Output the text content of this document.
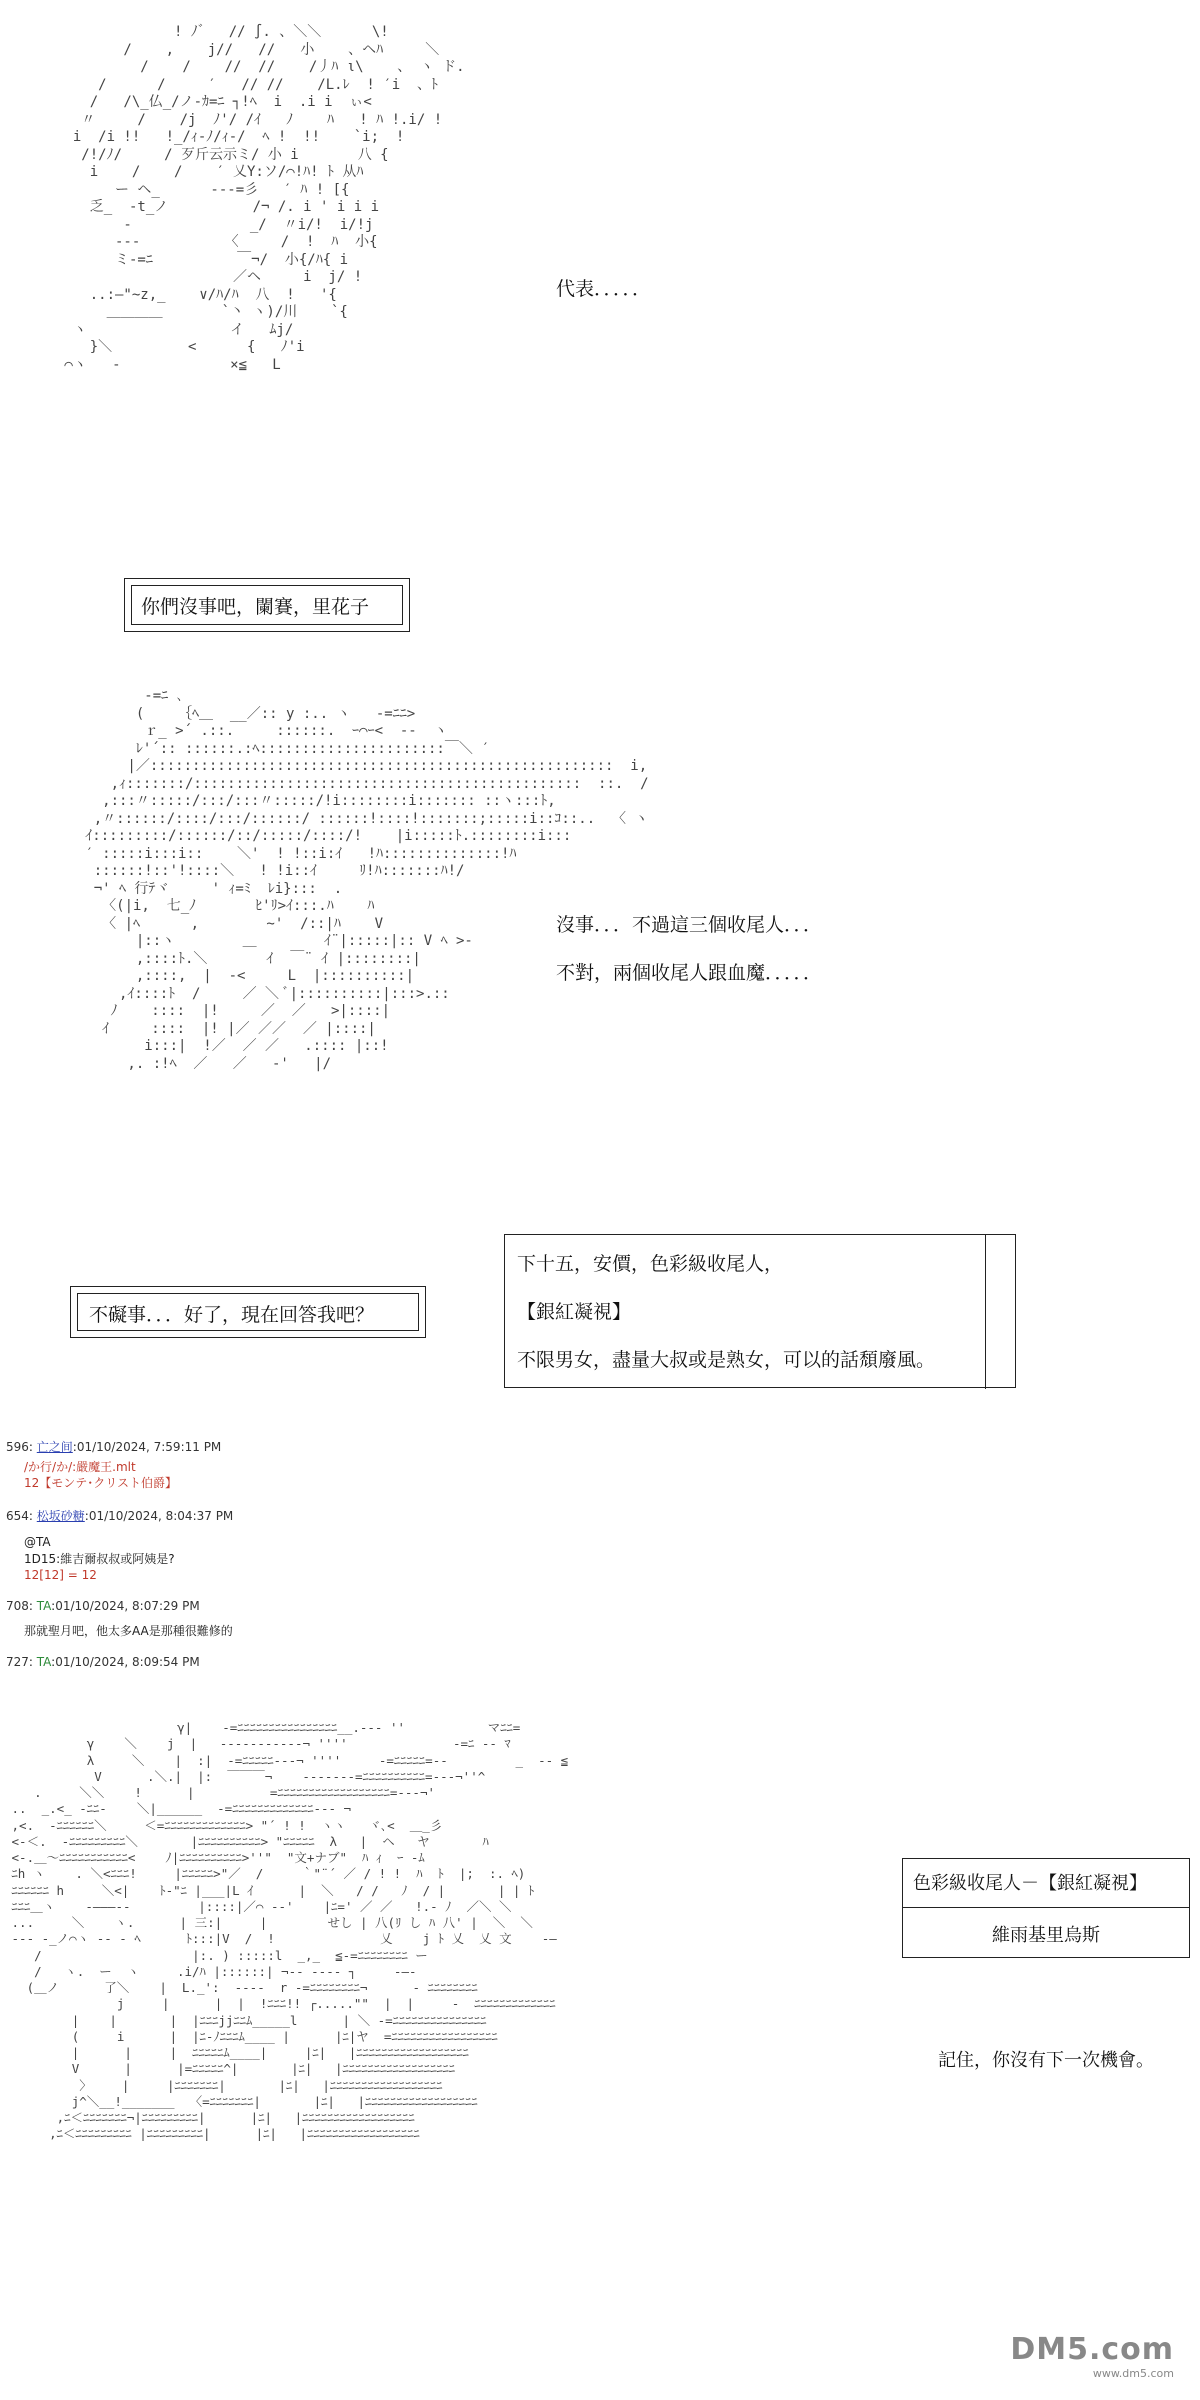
! ﾉ゛  // ∫. 、＼＼      \!
/    ,    j//   //   小    、ヘﾊ     ＼
/    /    //  //    /丿ﾊ ι\    、 ヽ ド.
/      /     ′   // //    /L.ﾚ  ! ′i  、ﾄ
/   /\_仏_/ノ-ｶ=ﾆ ┐!ﾍ  i  .i i  ぃ<
〃     /    /j  ﾉ'/ /ｲ   ﾉ    ﾊ   ! ﾊ !.i/ !
i  /i !!   !_/ｨ-ﾉ/ｨ-/  ﾍ !  !!    `i;  !
/!/ﾉ/     / 歹斤云示ミ/ 小 i       八 {
i    /    /    ′ 乂Y:ソ/⌒!ﾊ! ﾄ 从ﾊ
ー ヘ_      ‐‐‐=彡   ′ ﾊ ! [{
乏_  -t_ノ          /¬ /. i ' i i i
-              _/  〃i/!  i/!j
‐‐‐          〈     /  !  ﾊ  小{
ミ-=ﾆ          ￣¬/  小{/ﾊ{ i
／ヘ     i  j/ !
..:―"~z,_    ∨/ﾊ/ﾊ  八  !   '{
＿＿＿＿       `丶 ヽ)/川    `{
ヽ                 イ   ﾑj/
}＼         <      {   ﾉ'i
⌒ヽ   ‐             ×≦   L
代表．．．．．
你們沒事吧，闌賽，里花子
‐=ﾆ ､
(    ｛ﾍ＿  __／:: y :.. ヽ   ‐=ﾆﾆ>
ｒ_ >´ .::.     ::::::.  ｰ⌒ｰ<  ‐‐  ヽ
ﾚ'´:: ::::::.:ﾍ::::::::::::::::::::::￣＼ ′
|／:::::::::::::::::::::::::::::::::::::::::::::::::::::::  i,
,ｨ:::::::/::::::::::::::::::::::::::::::::::::::::::::::  ::.  /
,:::〃:::::/:::/:::〃:::::/!i::::::::i::::::: ::ヽ:::ﾄ,
,〃::::::/::::/:::/::::::/ ::::::!::::!:::::::;:::::i::ｺ::..  〈 ヽ
ｲ:::::::::/::::::/::/:::::/::::/!    |i:::::ﾄ.::::::::i:::
′ :::::i:::i::    ＼'  ! !::i:ｲ   !ﾊ::::::::::::::!ﾊ
::::::!::'!::::＼   ! !i::ｲ     ﾘ!ﾊ:::::::ﾊ!/
¬' ﾍ 行ﾃヾ     ' ｨ=ﾐ  ﾚi}:::  .
〈(|i,  七_ﾉ       ﾋ'ﾘ>ｲ:::.ﾊ    ﾊ
〈 |ﾍ      ,        ~'  /::|ﾊ    V
|::ヽ        ＿        ｲ¨|:::::|:: V ﾍ >-
,::::ﾄ.＼       ｲ  ￣¨ ｲ |::::::::|
,::::,  |  -<     L  |::::::::::|
,ｲ::::ﾄ  /     ／ ＼ ﾞ|::::::::::|:::>.::
ﾉ    ::::  |!     ／  ／   >|::::|
ｲ     ::::  |! |／ ／／  ／ |::::|
i:::|  !／  ／ ／   .:::: |::!
,. :!ﾍ  ／   ／   -'   |/
沒事．．．不過這三個收尾人．．．
不對，兩個收尾人跟血魔．．．．．
不礙事．．．好了，現在回答我吧？
下十五，安價，色彩級收尾人，
【銀紅凝視】
不限男女，盡量大叔或是熟女，可以的話頹廢風。
596: 亡之间:01/10/2024, 7:59:11 PM
/か行/か/:嚴魔王.mlt
12【モンテ･クリスト伯爵】
654: 松坂砂糖:01/10/2024, 8:04:37 PM
@TA
1D15:維吉爾叔叔或阿姨是?
12[12] = 12
708: TA:01/10/2024, 8:07:29 PM
那就聖月吧，他太多AA是那種很難修的
727: TA:01/10/2024, 8:09:54 PM
γ|    -=ﾆﾆﾆﾆﾆﾆﾆﾆﾆﾆﾆﾆﾆﾆﾆﾆ__.--‐ ''           マﾆﾆ=
γ    ＼    j  |   ‐---------‐¬ ''''              ‐=ﾆ ‐‐ ﾏ
λ     ＼    |  :|  -=ﾆﾆﾆﾆﾆ--‐¬ ''''     -=ﾆﾆﾆﾆﾆ=-‐         _  -‐ ≦
V      .＼.|  |:  ￣￣￣¬    ‐‐‐‐---=ﾆﾆﾆﾆﾆﾆﾆﾆﾆﾆ=--‐¬''^
.     ＼＼    !      |          =ﾆﾆﾆﾆﾆﾆﾆﾆﾆﾆﾆﾆﾆﾆﾆﾆﾆﾆ=--‐¬'
..  _.<_ -ﾆﾆ-    ＼|______  ‐=ﾆﾆﾆﾆﾆﾆﾆﾆﾆﾆﾆﾆﾆ--‐ ¬
,<.  -ﾆﾆﾆﾆﾆﾆ＼     ＜=ﾆﾆﾆﾆﾆﾆﾆﾆﾆﾆﾆﾆﾆ> "´ ! !  ヽヽ   ヾ､<  ＿_彡
<-＜.  -ﾆﾆﾆﾆﾆﾆﾆﾆﾆ＼       |ﾆﾆﾆﾆﾆﾆﾆﾆﾆﾆ> "ﾆﾆﾆﾆﾆ  λ   |  ヘ   ヤ       ﾊ
<-.＿～ﾆﾆﾆﾆﾆﾆﾆﾆﾆﾆﾆ<    ﾉ|ﾆﾆﾆﾆﾆﾆﾆﾆﾆﾆ>''"  "文+ナブ"  ﾊ ｨ  ｰ ‐ﾑ
ﾆh ヽ    . ＼<ﾆﾆﾆ!     |ﾆﾆﾆﾆﾆ>"／  /     ｀"¨´ ／ / ! !  ﾊ  ﾄ  |;  :. ﾍ)
ﾆﾆﾆﾆﾆﾆ h     ＼<|    ﾄ-"ﾆ |___|L ｲ      |  ＼   / /   ﾉ  / |       | | ﾄ
ﾆﾆﾆ＿ヽ    ‐―――‐‐         |::::|／⌒ ‐‐'    |ﾆ=' ／ ／   !.- ﾉ  ／＼ ＼
...     ＼    ヽ.      | 三:|     |        せし | 八(ﾘ し ﾊ 八' |  ＼  ＼
‐‐‐ ‐_ノ⌒ヽ -‐ ‐ ﾍ      ﾄ:::|V  /  !              乂    j ﾄ 乂  乂 文    ‐―
/                    |:. ) :::::l  _,_  ≦‐=ﾆﾆﾆﾆﾆﾆﾆﾆ ー
/   ヽ.  ー  ヽ     .i/ﾊ |::::::| ¬‐‐ ‐‐‐‐ ┐     ‐―‐
(＿ノ      了＼    |  L._':  ‐‐‐‐  r ‐=ﾆﾆﾆﾆﾆﾆﾆﾆ¬      ‐ ﾆﾆﾆﾆﾆﾆﾆﾆ
j     |      |  |  !ﾆﾆﾆ!! ┌.....""  |  |     ‐  ﾆﾆﾆﾆﾆﾆﾆﾆﾆﾆﾆﾆﾆ
|    |       |  |ﾆﾆﾆjjﾆﾆﾑ_____l      | ＼ ‐=ﾆﾆﾆﾆﾆﾆﾆﾆﾆﾆﾆﾆﾆﾆﾆ
(     i      |  |ﾆ‐ﾉﾆﾆﾆﾑ____ |      |ﾆ|ヤ  =ﾆﾆﾆﾆﾆﾆﾆﾆﾆﾆﾆﾆﾆﾆﾆﾆﾆ
|      |     |  ﾆﾆﾆﾆﾆﾑ____|     |ﾆ|   |ﾆﾆﾆﾆﾆﾆﾆﾆﾆﾆﾆﾆﾆﾆﾆﾆﾆﾆ
V      |      |=ﾆﾆﾆﾆﾆ^|       |ﾆ|   |ﾆﾆﾆﾆﾆﾆﾆﾆﾆﾆﾆﾆﾆﾆﾆﾆﾆﾆ
〉    |     |ﾆﾆﾆﾆﾆﾆﾆ|       |ﾆ|   |ﾆﾆﾆﾆﾆﾆﾆﾆﾆﾆﾆﾆﾆﾆﾆﾆﾆﾆ
j^＼__!_______  〈=ﾆﾆﾆﾆﾆﾆﾆ|       |ﾆ|   |ﾆﾆﾆﾆﾆﾆﾆﾆﾆﾆﾆﾆﾆﾆﾆﾆﾆﾆ
,ﾆ＜ﾆﾆﾆﾆﾆﾆﾆ¬|ﾆﾆﾆﾆﾆﾆﾆﾆﾆ|      |ﾆ|   |ﾆﾆﾆﾆﾆﾆﾆﾆﾆﾆﾆﾆﾆﾆﾆﾆﾆﾆ
,ﾆ＜ﾆﾆﾆﾆﾆﾆﾆﾆﾆ |ﾆﾆﾆﾆﾆﾆﾆﾆﾆ|      |ﾆ|   |ﾆﾆﾆﾆﾆﾆﾆﾆﾆﾆﾆﾆﾆﾆﾆﾆﾆﾆ
色彩級收尾人－【銀紅凝視】
維雨基里烏斯
記住，你沒有下一次機會。
DM5.com
www.dm5.com
